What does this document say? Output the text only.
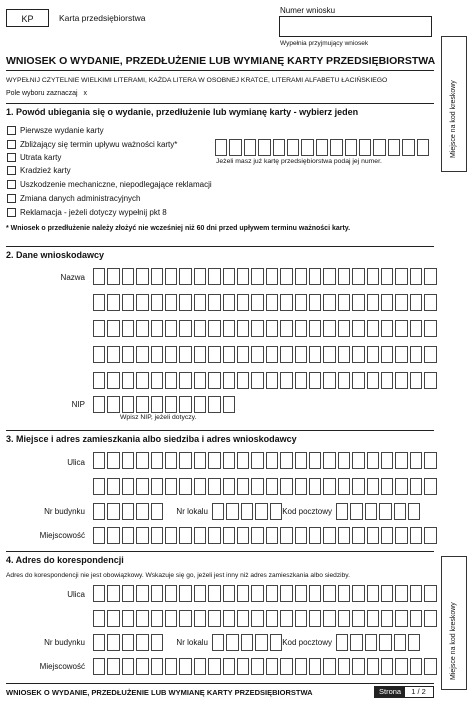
KP	Karta przedsiębiorstwa
Numer wniosku
Wypełnia przyjmujący wniosek
Miejsce na kod kreskowy
Miejsce na kod kreskowy
WNIOSEK O WYDANIE, PRZEDŁUŻENIE LUB WYMIANĘ KARTY PRZEDSIĘBIORSTWA
WYPEŁNIJ CZYTELNIE WIELKIMI LITERAMI, KAŻDA LITERA W OSOBNEJ KRATCE, LITERAMI ALFABETU ŁACIŃSKIEGO
Pole wyboru zaznaczaj x
1. Powód ubiegania się o wydanie, przedłużenie lub wymianę karty - wybierz jeden
Pierwsze wydanie karty
Zbliżający się termin upływu ważności karty*
Utrata karty
Kradzież karty
Uszkodzenie mechaniczne, niepodlegające reklamacji
Zmiana danych administracyjnych
Reklamacja - jeżeli dotyczy wypełnij pkt 8
Jeżeli masz już kartę przedsiębiorstwa podaj jej numer.
* Wniosek o przedłużenie należy złożyć nie wcześniej niż 60 dni przed upływem terminu ważności karty.
2. Dane wnioskodawcy
Nazwa
NIP
Wpisz NIP, jeżeli dotyczy.
3. Miejsce i adres zamieszkania albo siedziba i adres wnioskodawcy
Ulica
Nr budynku	Nr lokalu	Kod pocztowy
Miejscowość
4. Adres do korespondencji
Adres do korespondencji nie jest obowiązkowy. Wskazuje się go, jeżeli jest inny niż adres zamieszkania albo siedziby.
Ulica
Nr budynku	Nr lokalu	Kod pocztowy
Miejscowość
WNIOSEK O WYDANIE, PRZEDŁUŻENIE LUB WYMIANĘ KARTY PRZEDSIĘBIORSTWA	Strona 1 / 2
